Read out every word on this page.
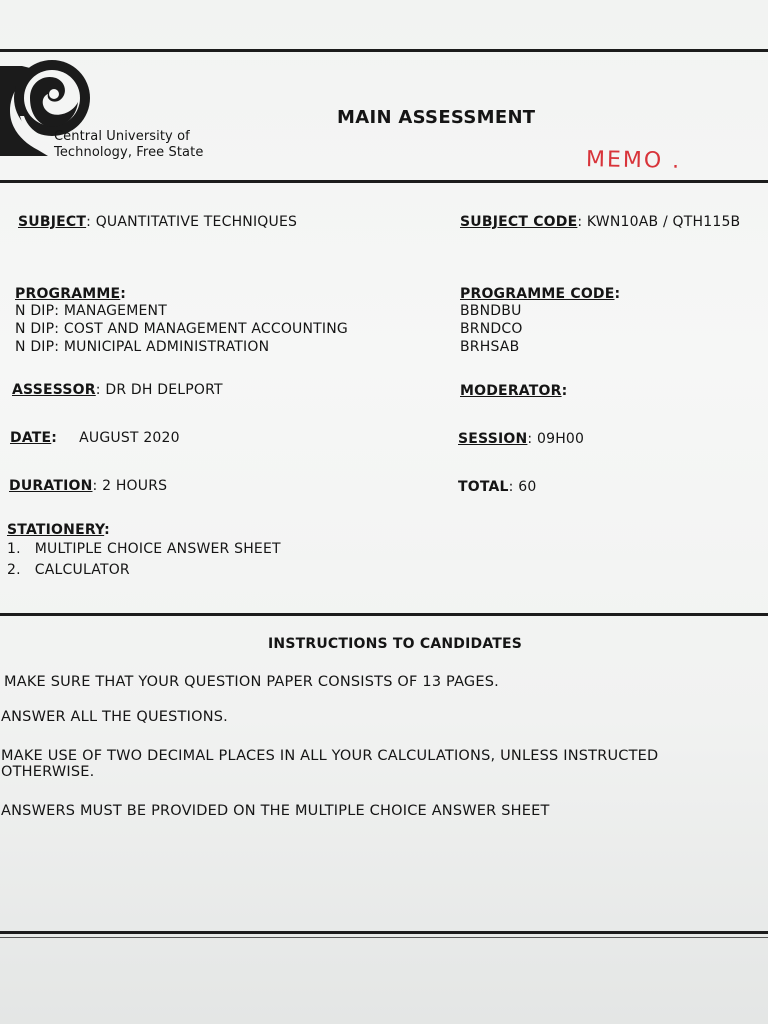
Central University of
Technology, Free State
MAIN ASSESSMENT
MEMO .
SUBJECT: QUANTITATIVE TECHNIQUES	SUBJECT CODE: KWN10AB / QTH115B
PROGRAMME:
N DIP: MANAGEMENT
N DIP: COST AND MANAGEMENT ACCOUNTING
N DIP: MUNICIPAL ADMINISTRATION
PROGRAMME CODE:
BBNDBU
BRNDCO
BRHSAB
ASSESSOR: DR DH DELPORT	MODERATOR:
DATE: AUGUST 2020	SESSION: 09H00
DURATION: 2 HOURS	TOTAL: 60
STATIONERY:
1. MULTIPLE CHOICE ANSWER SHEET
2. CALCULATOR
INSTRUCTIONS TO CANDIDATES
MAKE SURE THAT YOUR QUESTION PAPER CONSISTS OF 13 PAGES.
ANSWER ALL THE QUESTIONS.
MAKE USE OF TWO DECIMAL PLACES IN ALL YOUR CALCULATIONS, UNLESS INSTRUCTED
OTHERWISE.
ANSWERS MUST BE PROVIDED ON THE MULTIPLE CHOICE ANSWER SHEET
